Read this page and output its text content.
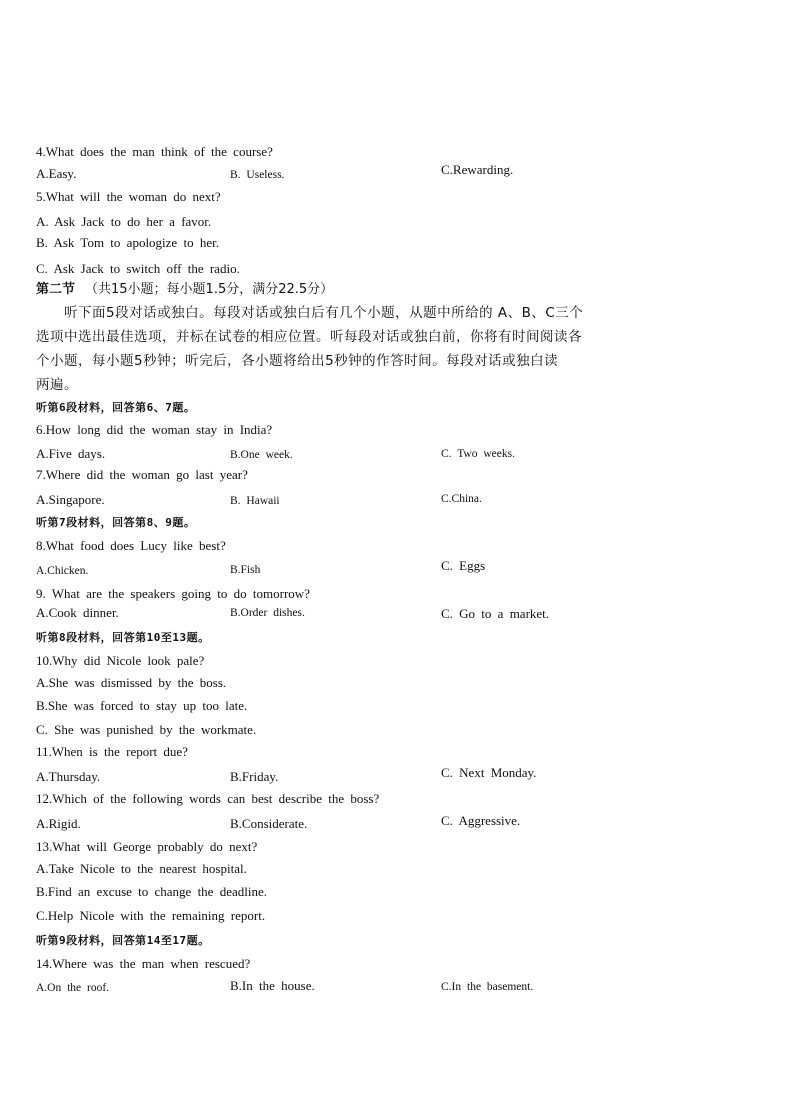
4.What does the man think of the course?
A.Easy.	B. Useless.	C.Rewarding.
5.What will the woman do next?
A. Ask Jack to do her a favor.
B. Ask Tom to apologize to her.
C. Ask Jack to switch off the radio.
第二节 （共15小题；每小题1.5分，满分22.5分）
听下面5段对话或独白。每段对话或独白后有几个小题，从题中所给的 A、B、C三个
选项中选出最佳选项，并标在试卷的相应位置。听每段对话或独白前，你将有时间阅读各
个小题，每小题5秒钟；听完后，各小题将给出5秒钟的作答时间。每段对话或独白读
两遍。
听第6段材料，回答第6、7题。
6.How long did the woman stay in India?
A.Five days.	B.One week.	C. Two weeks.
7.Where did the woman go last year?
A.Singapore.	B. Hawaii	C.China.
听第7段材料，回答第8、9题。
8.What food does Lucy like best?
A.Chicken.	B.Fish	C. Eggs
9. What are the speakers going to do tomorrow?
A.Cook dinner.	B.Order dishes.	C. Go to a market.
听第8段材料，回答第10至13题。
10.Why did Nicole look pale?
A.She was dismissed by the boss.
B.She was forced to stay up too late.
C. She was punished by the workmate.
11.When is the report due?
A.Thursday.	B.Friday.	C. Next Monday.
12.Which of the following words can best describe the boss?
A.Rigid.	B.Considerate.	C. Aggressive.
13.What will George probably do next?
A.Take Nicole to the nearest hospital.
B.Find an excuse to change the deadline.
C.Help Nicole with the remaining report.
听第9段材料，回答第14至17题。
14.Where was the man when rescued?
A.On the roof.	B.In the house.	C.In the basement.
